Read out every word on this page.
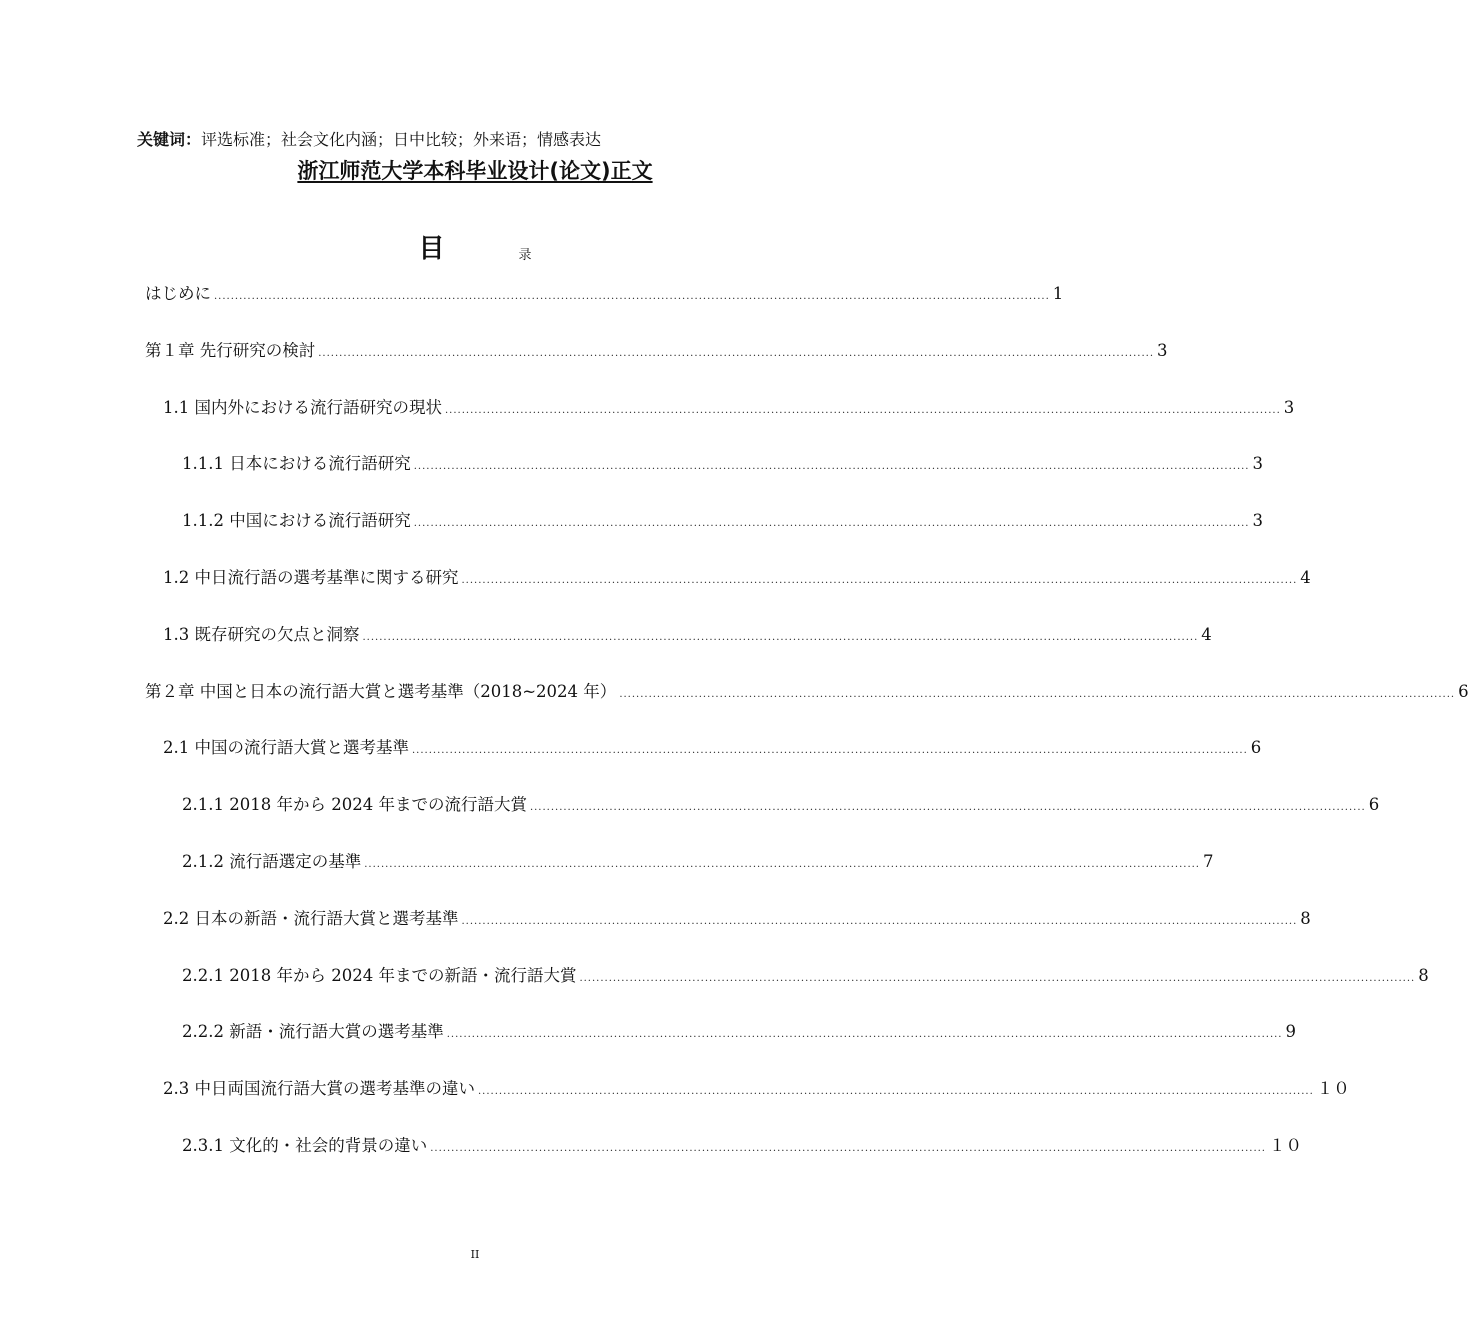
关键词：评选标准；社会文化内涵；日中比较；外来语；情感表达
浙江师范大学本科毕业设计(论文)正文
目	录
はじめに ........................................................................................................................................................................................................ 1
第１章 先行研究の検討 ........................................................................................................................................................................................................ 3
1.1 国内外における流行語研究の現状 ........................................................................................................................................................................................................ 3
1.1.1 日本における流行語研究 ........................................................................................................................................................................................................ 3
1.1.2 中国における流行語研究 ........................................................................................................................................................................................................ 3
1.2 中日流行語の選考基準に関する研究 ........................................................................................................................................................................................................ 4
1.3 既存研究の欠点と洞察 ........................................................................................................................................................................................................ 4
第２章 中国と日本の流行語大賞と選考基準（2018~2024 年） ........................................................................................................................................................................................................ 6
2.1 中国の流行語大賞と選考基準 ........................................................................................................................................................................................................ 6
2.1.1 2018 年から 2024 年までの流行語大賞 ........................................................................................................................................................................................................ 6
2.1.2 流行語選定の基準 ........................................................................................................................................................................................................ 7
2.2 日本の新語・流行語大賞と選考基準 ........................................................................................................................................................................................................ 8
2.2.1 2018 年から 2024 年までの新語・流行語大賞 ........................................................................................................................................................................................................ 8
2.2.2 新語・流行語大賞の選考基準 ........................................................................................................................................................................................................ 9
2.3 中日両国流行語大賞の選考基準の違い ........................................................................................................................................................................................................ １０
2.3.1 文化的・社会的背景の違い ........................................................................................................................................................................................................ １０
II
